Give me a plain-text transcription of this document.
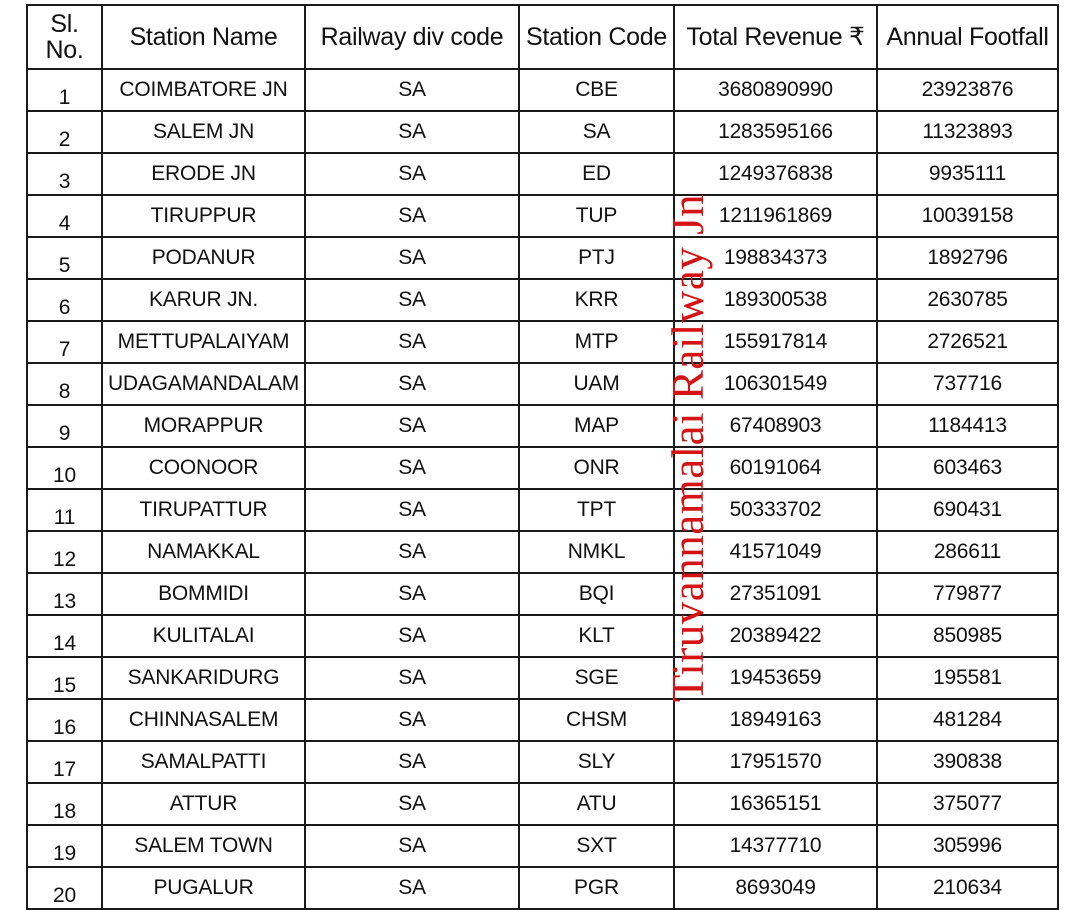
Sl.
No.	Station Name	Railway div code	Station Code	Total Revenue ₹	Annual Footfall
1	COIMBATORE JN	SA	CBE	3680890990	23923876
2	SALEM JN	SA	SA	1283595166	11323893
3	ERODE JN	SA	ED	1249376838	9935111
4	TIRUPPUR	SA	TUP	1211961869	10039158
5	PODANUR	SA	PTJ	198834373	1892796
6	KARUR JN.	SA	KRR	189300538	2630785
7	METTUPALAIYAM	SA	MTP	155917814	2726521
8	UDAGAMANDALAM	SA	UAM	106301549	737716
9	MORAPPUR	SA	MAP	67408903	1184413
10	COONOOR	SA	ONR	60191064	603463
11	TIRUPATTUR	SA	TPT	50333702	690431
12	NAMAKKAL	SA	NMKL	41571049	286611
13	BOMMIDI	SA	BQI	27351091	779877
14	KULITALAI	SA	KLT	20389422	850985
15	SANKARIDURG	SA	SGE	19453659	195581
16	CHINNASALEM	SA	CHSM	18949163	481284
17	SAMALPATTI	SA	SLY	17951570	390838
18	ATTUR	SA	ATU	16365151	375077
19	SALEM TOWN	SA	SXT	14377710	305996
20	PUGALUR	SA	PGR	8693049	210634
Tiruvannamalai Railway Jn
